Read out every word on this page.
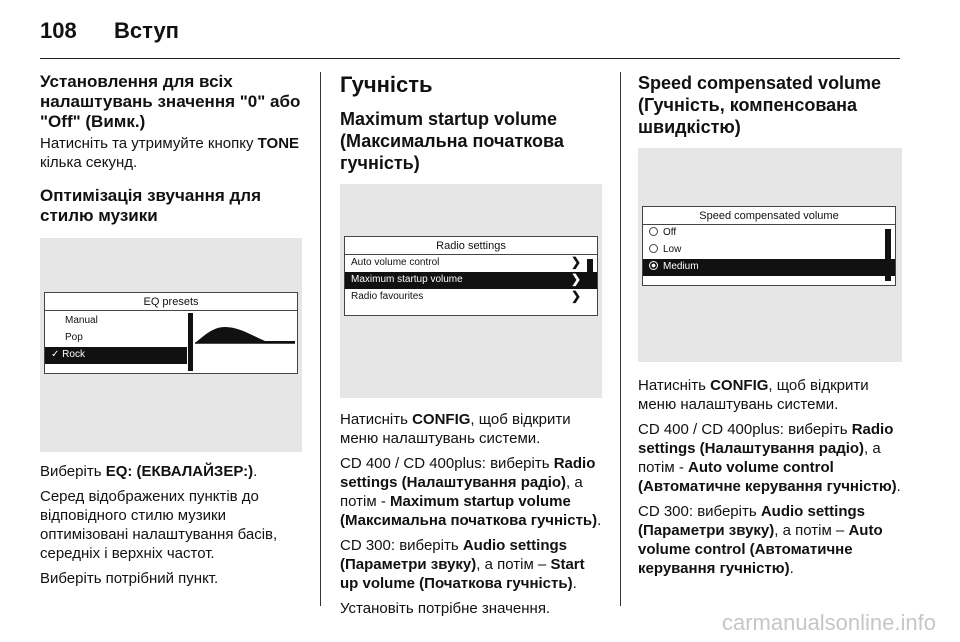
108 Вступ
Установлення для всіх налаштувань значення "0" або "Off" (Вимк.)

Натисніть та утримуйте кнопку TONE кілька секунд.

Оптимізація звучання для стилю музики
EQ presets
Manual
Pop
✓ Rock

Виберіть EQ: (ЕКВАЛАЙЗЕР:).

Серед відображених пунктів до відповідного стилю музики оптимізовані налаштування басів, середніх і верхніх частот.

Виберіть потрібний пункт.

Гучність
Maximum startup volume (Максимальна початкова гучність)
Radio settings
Auto volume control	❯
Maximum startup volume	❯
Radio favourites	❯

Натисніть CONFIG, щоб відкрити меню налаштувань системи.

CD 400 / CD 400plus: виберіть Radio settings (Налаштування радіо), а потім - Maximum startup volume (Максимальна початкова гучність).

CD 300: виберіть Audio settings (Параметри звуку), а потім – Start up volume (Початкова гучність).

Установіть потрібне значення.

Speed compensated volume (Гучність, компенсована швидкістю)
Speed compensated volume
Off
Low
Medium

Натисніть CONFIG, щоб відкрити меню налаштувань системи.

CD 400 / CD 400plus: виберіть Radio settings (Налаштування радіо), а потім - Auto volume control (Автоматичне керування гучністю).

CD 300: виберіть Audio settings (Параметри звуку), а потім – Auto volume control (Автоматичне керування гучністю).

carmanualsonline.info
